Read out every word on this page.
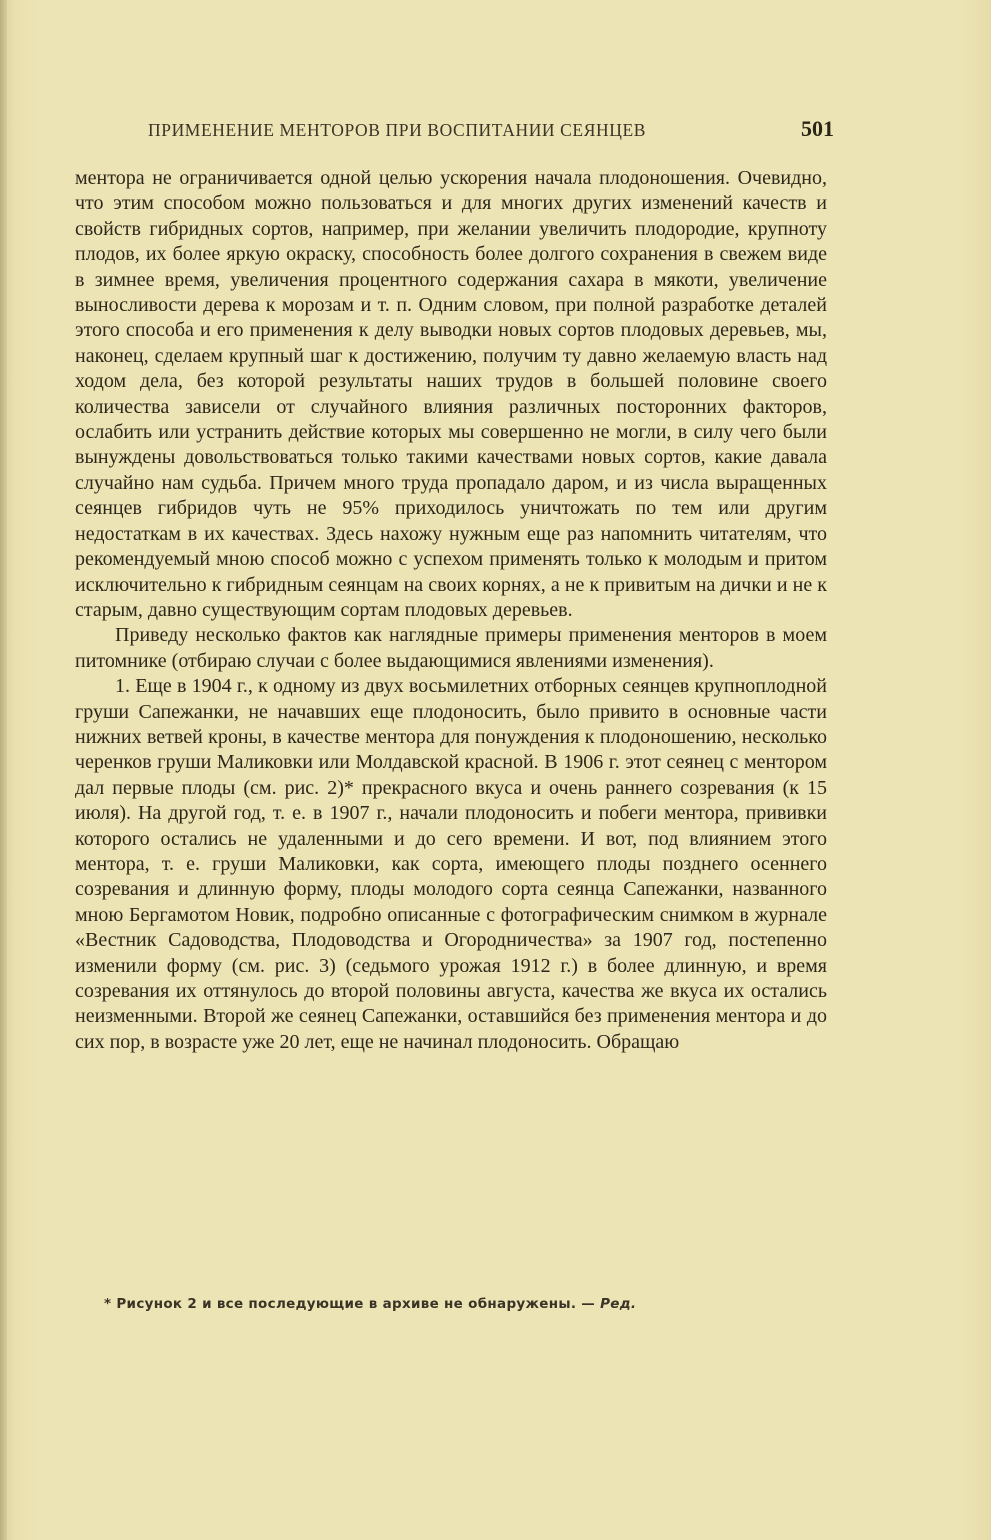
ПРИМЕНЕНИЕ МЕНТОРОВ ПРИ ВОСПИТАНИИ СЕЯНЦЕВ	501

ментора не ограничивается одной целью ускорения начала плодоношения. Очевидно, что этим способом можно пользоваться и для многих других изменений качеств и свойств гибридных сортов, например, при желании увеличить плодородие, крупноту плодов, их более яркую окраску, способность более долгого сохранения в свежем виде в зимнее время, увеличения процентного содержания сахара в мякоти, увеличение выносливости дерева к морозам и т. п. Одним словом, при полной разработке деталей этого способа и его применения к делу выводки новых сортов плодовых деревьев, мы, наконец, сделаем крупный шаг к достижению, получим ту давно желаемую власть над ходом дела, без которой результаты наших трудов в большей половине своего количества зависели от случайного влияния различных посторонних факторов, ослабить или устранить действие которых мы совершенно не могли, в силу чего были вынуждены довольствоваться только такими качествами новых сортов, какие давала случайно нам судьба. Причем много труда пропадало даром, и из числа выращенных сеянцев гибридов чуть не 95% приходилось уничтожать по тем или другим недостаткам в их качествах. Здесь нахожу нужным еще раз напомнить читателям, что рекомендуемый мною способ можно с успехом применять только к молодым и притом исключительно к гибридным сеянцам на своих корнях, а не к привитым на дички и не к старым, давно существующим сортам плодовых деревьев.

Приведу несколько фактов как наглядные примеры применения менторов в моем питомнике (отбираю случаи с более выдающимися явлениями изменения).

1. Еще в 1904 г., к одному из двух восьмилетних отборных сеянцев крупноплодной груши Сапежанки, не начавших еще плодоносить, было привито в основные части нижних ветвей кроны, в качестве ментора для понуждения к плодоношению, несколько черенков груши Маликовки или Молдавской красной. В 1906 г. этот сеянец с ментором дал первые плоды (см. рис. 2)* прекрасного вкуса и очень раннего созревания (к 15 июля). На другой год, т. е. в 1907 г., начали плодоносить и побеги ментора, прививки которого остались не удаленными и до сего времени. И вот, под влиянием этого ментора, т. е. груши Маликовки, как сорта, имеющего плоды позднего осеннего созревания и длинную форму, плоды молодого сорта сеянца Сапежанки, названного мною Бергамотом Новик, подробно описанные с фотографическим снимком в журнале «Вестник Садоводства, Плодоводства и Огородничества» за 1907 год, постепенно изменили форму (см. рис. 3) (седьмого урожая 1912 г.) в более длинную, и время созревания их оттянулось до второй половины августа, качества же вкуса их остались неизменными. Второй же сеянец Сапежанки, оставшийся без применения ментора и до сих пор, в возрасте уже 20 лет, еще не начинал плодоносить. Обращаю

* Рисунок 2 и все последующие в архиве не обнаружены. — Ред.
